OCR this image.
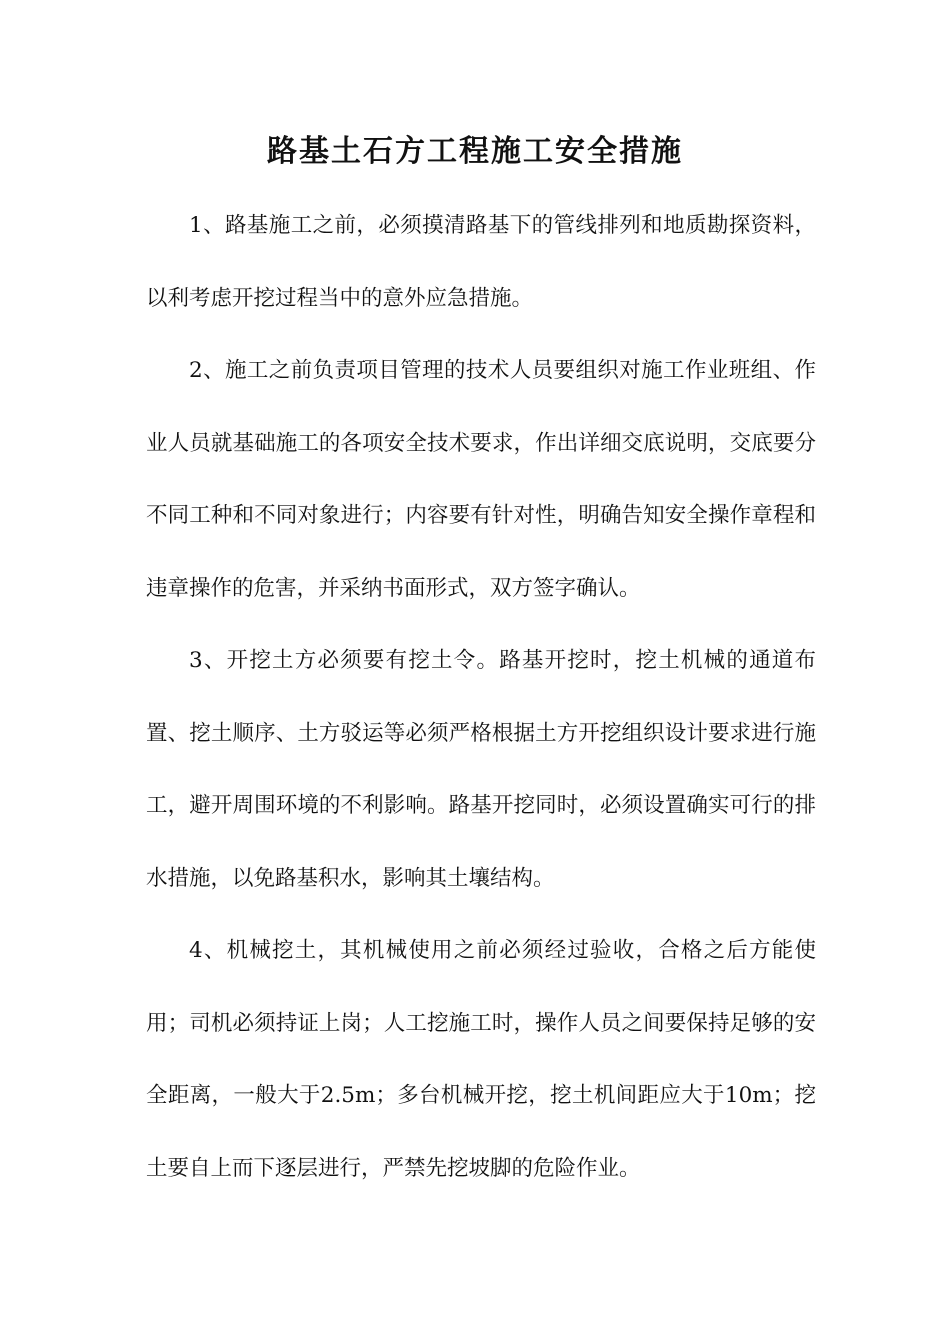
路基土石方工程施工安全措施

1、路基施工之前，必须摸清路基下的管线排列和地质勘探资料，以利考虑开挖过程当中的意外应急措施。

2、施工之前负责项目管理的技术人员要组织对施工作业班组、作业人员就基础施工的各项安全技术要求，作出详细交底说明，交底要分不同工种和不同对象进行；内容要有针对性，明确告知安全操作章程和违章操作的危害，并采纳书面形式，双方签字确认。

3、开挖土方必须要有挖土令。路基开挖时，挖土机械的通道布置、挖土顺序、土方驳运等必须严格根据土方开挖组织设计要求进行施工，避开周围环境的不利影响。路基开挖同时，必须设置确实可行的排水措施，以免路基积水，影响其土壤结构。

4、机械挖土，其机械使用之前必须经过验收，合格之后方能使用；司机必须持证上岗；人工挖施工时，操作人员之间要保持足够的安全距离，一般大于2.5m；多台机械开挖，挖土机间距应大于10m；挖土要自上而下逐层进行，严禁先挖坡脚的危险作业。
